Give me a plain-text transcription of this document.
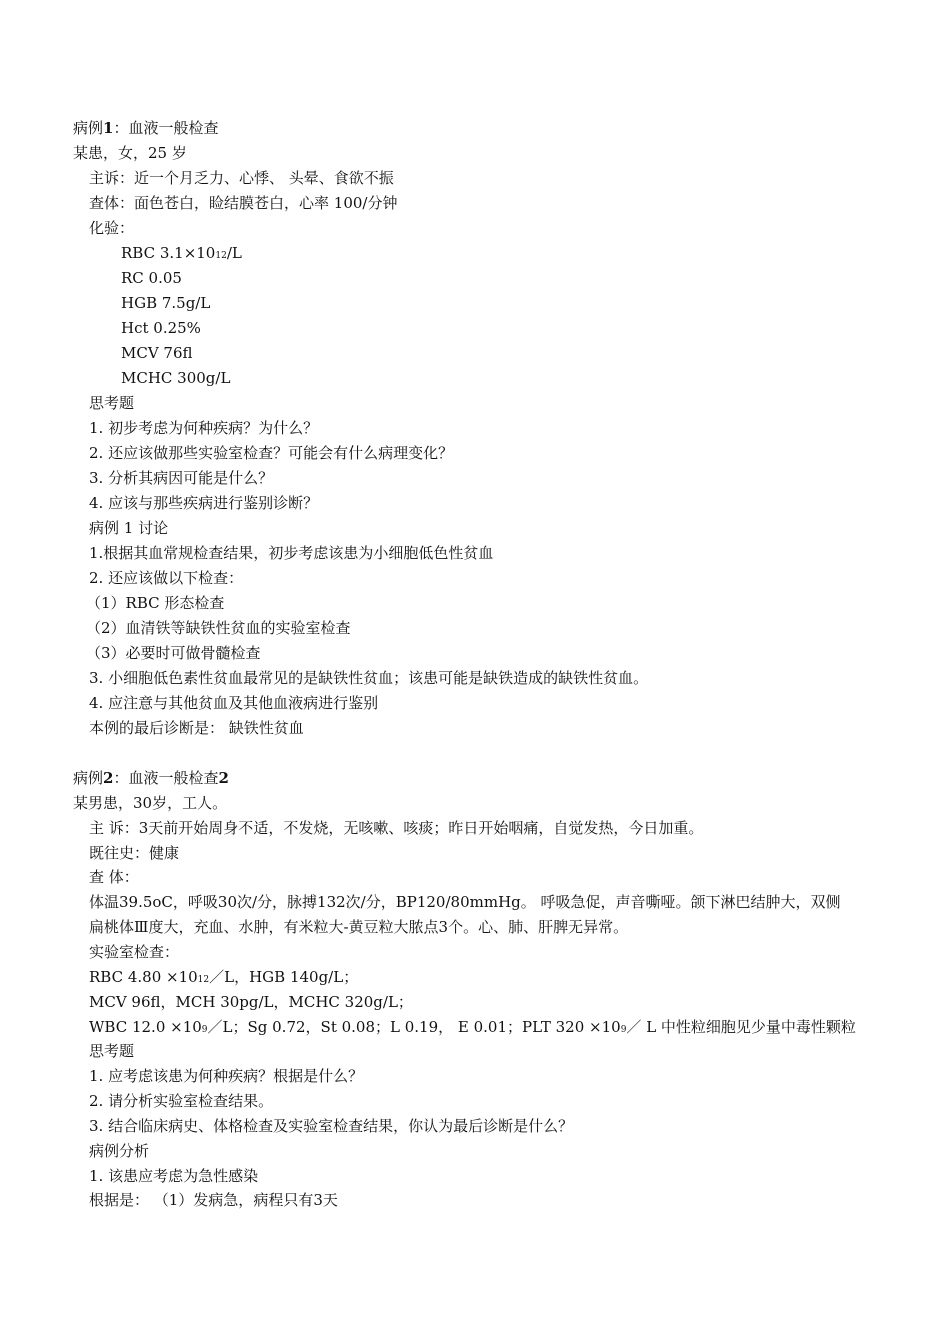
病例1：血液一般检查
某患，女，25 岁
主诉：近一个月乏力、心悸、 头晕、食欲不振
查体：面色苍白，睑结膜苍白，心率 100/分钟
化验：
RBC 3.1×1012/L
RC 0.05
HGB 7.5g/L
Hct 0.25%
MCV 76fl
MCHC 300g/L
思考题
1. 初步考虑为何种疾病？为什么？
2. 还应该做那些实验室检查？可能会有什么病理变化？
3. 分析其病因可能是什么？
4. 应该与那些疾病进行鉴别诊断？
病例 1 讨论
1.根据其血常规检查结果，初步考虑该患为小细胞低色性贫血
2. 还应该做以下检查：
（1）RBC 形态检查
（2）血清铁等缺铁性贫血的实验室检查
（3）必要时可做骨髓检查
3. 小细胞低色素性贫血最常见的是缺铁性贫血；该患可能是缺铁造成的缺铁性贫血。
4. 应注意与其他贫血及其他血液病进行鉴别
本例的最后诊断是： 缺铁性贫血
病例2：血液一般检查2
某男患，30岁，工人。
主 诉：3天前开始周身不适，不发烧，无咳嗽、咳痰；昨日开始咽痛，自觉发热，今日加重。
既往史：健康
查 体：
体温39.5oC，呼吸30次/分，脉搏132次/分，BP120/80mmHg。 呼吸急促，声音嘶哑。颌下淋巴结肿大，双侧
扁桃体Ⅲ度大，充血、水肿，有米粒大-黄豆粒大脓点3个。心、肺、肝脾无异常。
实验室检查：
RBC 4.80 ×1012／L，HGB 140g/L；
MCV 96fl，MCH 30pg/L，MCHC 320g/L；
WBC 12.0 ×109／L；Sg 0.72，St 0.08；L 0.19， E 0.01；PLT 320 ×109／ L 中性粒细胞见少量中毒性颗粒
思考题
1. 应考虑该患为何种疾病？根据是什么？
2. 请分析实验室检查结果。
3. 结合临床病史、体格检查及实验室检查结果，你认为最后诊断是什么？
病例分析
1. 该患应考虑为急性感染
根据是： （1）发病急，病程只有3天
